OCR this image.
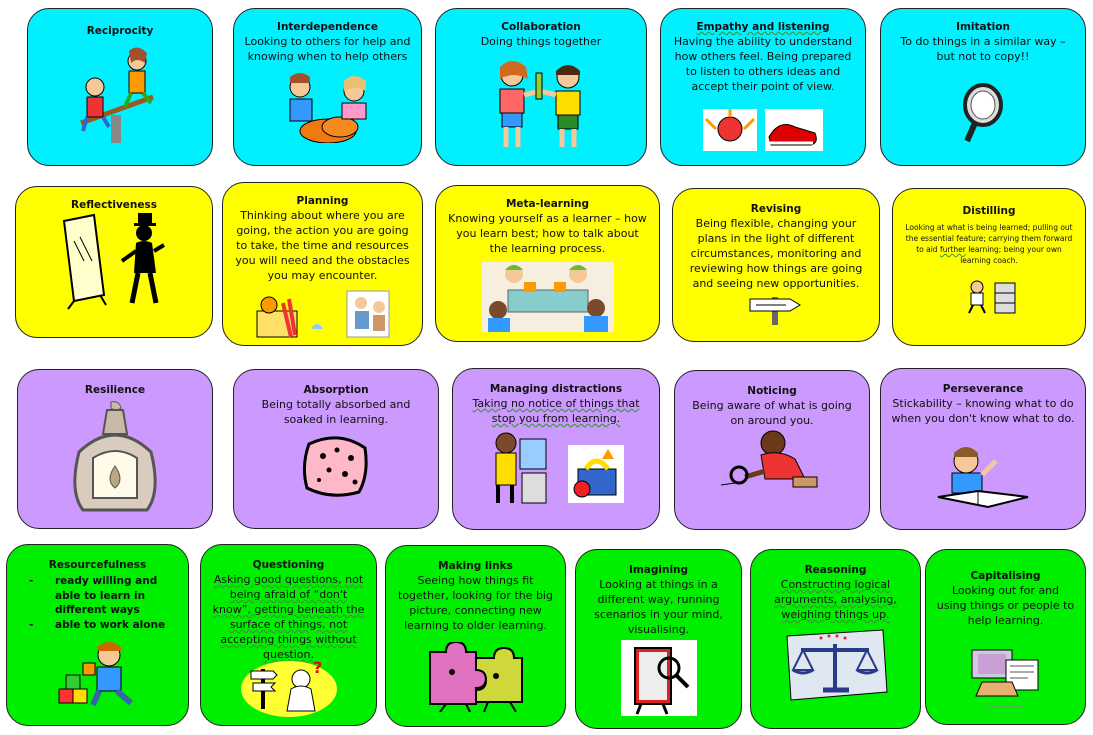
Reciprocity	Interdependence
Looking to others for help and knowing when to help others
Collaboration
Doing things together
Empathy and listening
Having the ability to understand how others feel. Being prepared to listen to others ideas and accept their point of view.
Imitation
To do things in a similar way – but not to copy!!
Reflectiveness	Planning
Thinking about where you are going, the action you are going to take, the time and resources you will need and the obstacles you may encounter.
Meta-learning
Knowing yourself as a learner – how you learn best; how to talk about the learning process.
Revising
Being flexible, changing your plans in the light of different circumstances, monitoring and reviewing how things are going and seeing new opportunities.
Distilling
Looking at what is being learned; pulling out the essential feature; carrying them forward to aid further learning; being your own learning coach.
Resilience	Absorption
Being totally absorbed and soaked in learning.
Managing distractions
Taking no notice of things that stop you from learning.
Noticing
Being aware of what is going on around you.
Perseverance
Stickability – knowing what to do when you don't know what to do.
Resourcefulness
- ready willing and able to learn in different ways
- able to work alone
Questioning
Asking good questions, not being afraid of “don't know”, getting beneath the surface of things, not accepting things without question.
?
Making links
Seeing how things fit together, looking for the big picture, connecting new learning to older learning.
Imagining
Looking at things in a different way, running scenarios in your mind, visualising.
Reasoning
Constructing logical arguments, analysing, weighing things up.
Capitalising
Looking out for and using things or people to help learning.
